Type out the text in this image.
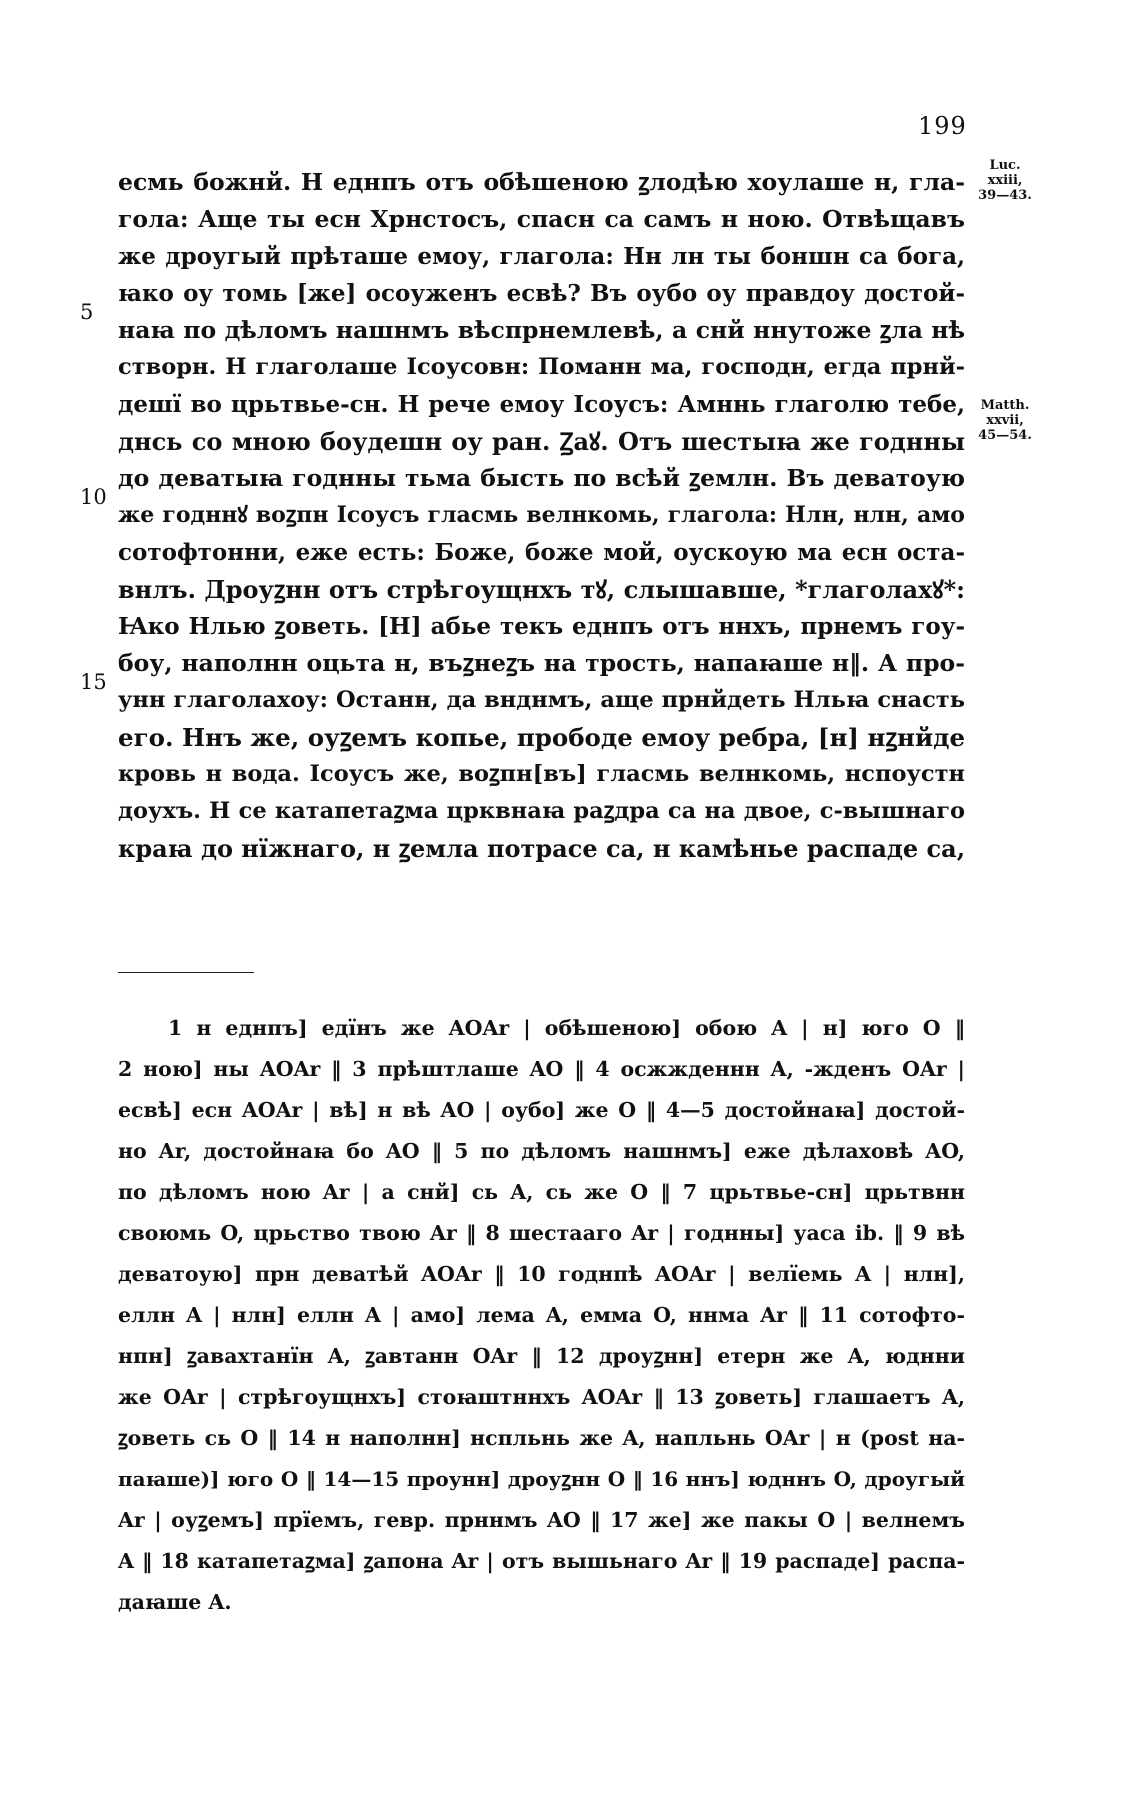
199
Luc.
xxiii,
39—43.
Matth.
xxvii,
45—54.
5
10
15
есмь божнй. Н еднпъ отъ обѣшеною ꙁлодѣю хоулаше н, гла-
гола: Аще ты есн Хрнстосъ, спасн са самъ н ною. Отвѣщавъ
же дроугый прѣташе емоу, глагола: Нн лн ты боншн са бога,
ꙗко оу томь [же] осоуженъ есвѣ? Въ оубо оу правдоу достой-
наꙗ по дѣломъ нашнмъ вѣспрнемлевѣ, а снй ннутоже ꙁла нѣ
створн. Н глаголаше Ісоусовн: Поманн ма, господн, егда прнй-
дешї во црьтвье-сн. Н рече емоу Ісоусъ: Амннь глаголю тебе,
днсь со мною боудешн оу ран. Ꙁаꙋ. Отъ шестыꙗ же годнны
до деватыꙗ годнны тьма бысть по всѣй ꙁемлн. Въ деватоую
же годннꙋ воꙁпн Ісоусъ гласмь велнкомь, глагола: Нлн, нлн, амо
сотофтонни, еже есть: Боже, боже мой, оускоую ма есн оста-
внлъ. Дроуꙁнн отъ стрѣгоущнхъ тꙋ, слышавше, *глаголахꙋ*:
Ꙗко Нлью ꙁоветь. [Н] абье текъ еднпъ отъ ннхъ, прнемъ гоу-
боу, наполнн оцьта н, въꙁнеꙁъ на трость, напаꙗше н‖. А про-
унн глаголахоу: Останн, да внднмъ, аще прнйдеть Нльꙗ снасть
его. Ннъ же, оуꙁемъ копье, прободе емоу ребра, [н] нꙁнйде
кровь н вода. Ісоусъ же, воꙁпн[въ] гласмь велнкомь, нспоустн
доухъ. Н се катапетаꙁма црквнаꙗ раꙁдра са на двое, с-вышнаго
краꙗ до нїжнаго, н ꙁемла потрасе са, н камѣнье распаде са,
1 н еднпъ] едїнъ же AOAr | обѣшеною] обою A | н] юго O ‖
2 ною] ны AOAr ‖ 3 прѣштлаше AO ‖ 4 осжжденнн A, -жденъ OAr |
есвѣ] есн AOAr | вѣ] н вѣ AO | оубо] же O ‖ 4—5 достойнаꙗ] достой-
но Ar, достойнаꙗ бо AO ‖ 5 по дѣломъ нашнмъ] еже дѣлаховѣ AO,
по дѣломъ ною Ar | а снй] сь A, сь же O ‖ 7 црьтвье-сн] црьтвнн
своюмь O, црьство твою Ar ‖ 8 шестааго Ar | годнны] уаса ib. ‖ 9 вѣ
деватоую] прн деватѣй AOAr ‖ 10 годнпѣ AOAr | велїемь A | нлн],
еллн A | нлн] еллн A | амо] лема A, еммa O, ннмa Ar ‖ 11 сотофто-
нпн] ꙁавахтанїн A, ꙁавтанн OAr ‖ 12 дроуꙁнн] етерн же A, юднни
же OAr | стрѣгоущнхъ] стоꙗштннхъ AOAr ‖ 13 ꙁоветь] глашаетъ A,
ꙁоветь сь O ‖ 14 н наполнн] нспльнь же A, напльнь OAr | н (post на-
паꙗше)] юго O ‖ 14—15 проунн] дроуꙁнн O ‖ 16 ннъ] юдннъ O, дроугый
Ar | оуꙁемъ] прїемъ, гевр. прннмъ AO ‖ 17 же] же пакы O | велнемъ
A ‖ 18 катапетаꙁма] ꙁапона Ar | отъ вышьнаго Ar ‖ 19 распаде] распа-
даꙗше A.
